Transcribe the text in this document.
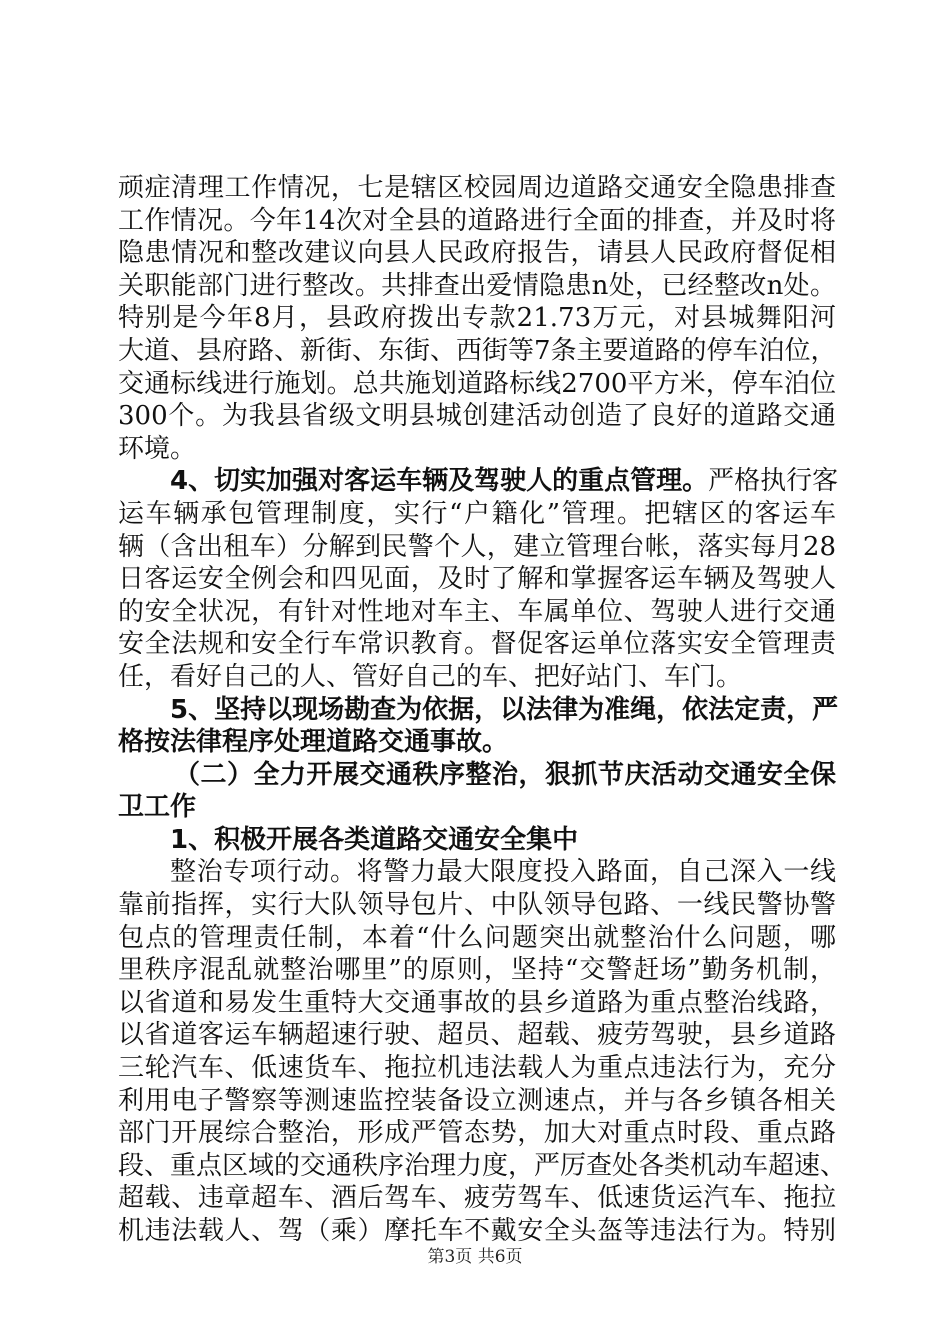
顽症清理工作情况，七是辖区校园周边道路交通安全隐患排查
工作情况。今年14次对全县的道路进行全面的排查，并及时将
隐患情况和整改建议向县人民政府报告，请县人民政府督促相
关职能部门进行整改。共排查出爱情隐患n处，已经整改n处。
特别是今年8月，县政府拨出专款21.73万元，对县城舞阳河
大道、县府路、新街、东街、西街等7条主要道路的停车泊位，
交通标线进行施划。总共施划道路标线2700平方米，停车泊位
300个。为我县省级文明县城创建活动创造了良好的道路交通
环境。
4、切实加强对客运车辆及驾驶人的重点管理。严格执行客
运车辆承包管理制度，实行“户籍化”管理。把辖区的客运车
辆（含出租车）分解到民警个人，建立管理台帐，落实每月28
日客运安全例会和四见面，及时了解和掌握客运车辆及驾驶人
的安全状况，有针对性地对车主、车属单位、驾驶人进行交通
安全法规和安全行车常识教育。督促客运单位落实安全管理责
任，看好自己的人、管好自己的车、把好站门、车门。
5、坚持以现场勘查为依据，以法律为准绳，依法定责，严
格按法律程序处理道路交通事故。
（二）全力开展交通秩序整治，狠抓节庆活动交通安全保
卫工作
1、积极开展各类道路交通安全集中
整治专项行动。将警力最大限度投入路面，自己深入一线
靠前指挥，实行大队领导包片、中队领导包路、一线民警协警
包点的管理责任制，本着“什么问题突出就整治什么问题，哪
里秩序混乱就整治哪里”的原则，坚持“交警赶场”勤务机制，
以省道和易发生重特大交通事故的县乡道路为重点整治线路，
以省道客运车辆超速行驶、超员、超载、疲劳驾驶，县乡道路
三轮汽车、低速货车、拖拉机违法载人为重点违法行为，充分
利用电子警察等测速监控装备设立测速点，并与各乡镇各相关
部门开展综合整治，形成严管态势，加大对重点时段、重点路
段、重点区域的交通秩序治理力度，严厉查处各类机动车超速、
超载、违章超车、酒后驾车、疲劳驾车、低速货运汽车、拖拉
机违法载人、驾（乘）摩托车不戴安全头盔等违法行为。特别
第3页 共6页
